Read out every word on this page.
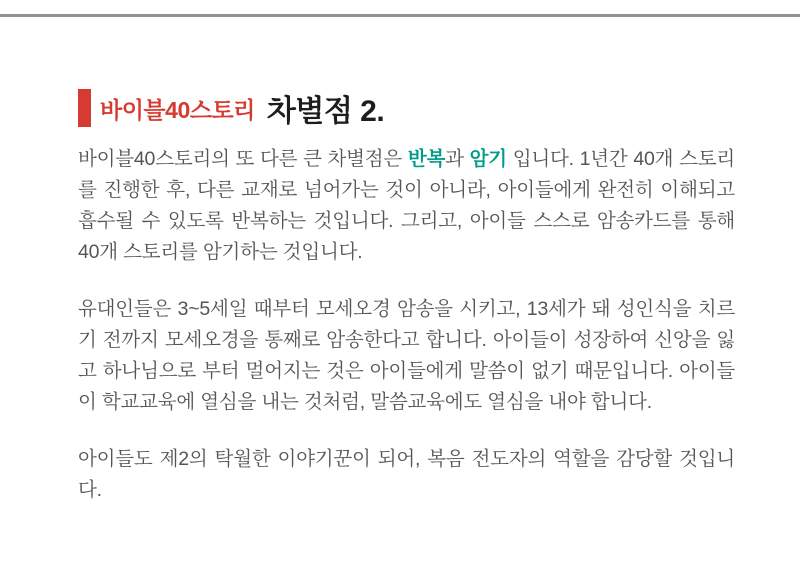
바이블40스토리 차별점 2.

바이블40스토리의 또 다른 큰 차별점은 반복과 암기 입니다. 1년간 40개 스토리를 진행한 후, 다른 교재로 넘어가는 것이 아니라, 아이들에게 완전히 이해되고 흡수될 수 있도록 반복하는 것입니다. 그리고, 아이들 스스로 암송카드를 통해 40개 스토리를 암기하는 것입니다.

유대인들은 3~5세일 때부터 모세오경 암송을 시키고, 13세가 돼 성인식을 치르기 전까지 모세오경을 통째로 암송한다고 합니다. 아이들이 성장하여 신앙을 잃고 하나님으로 부터 멀어지는 것은 아이들에게 말씀이 없기 때문입니다. 아이들이 학교교육에 열심을 내는 것처럼, 말씀교육에도 열심을 내야 합니다.

아이들도 제2의 탁월한 이야기꾼이 되어, 복음 전도자의 역할을 감당할 것입니다.
